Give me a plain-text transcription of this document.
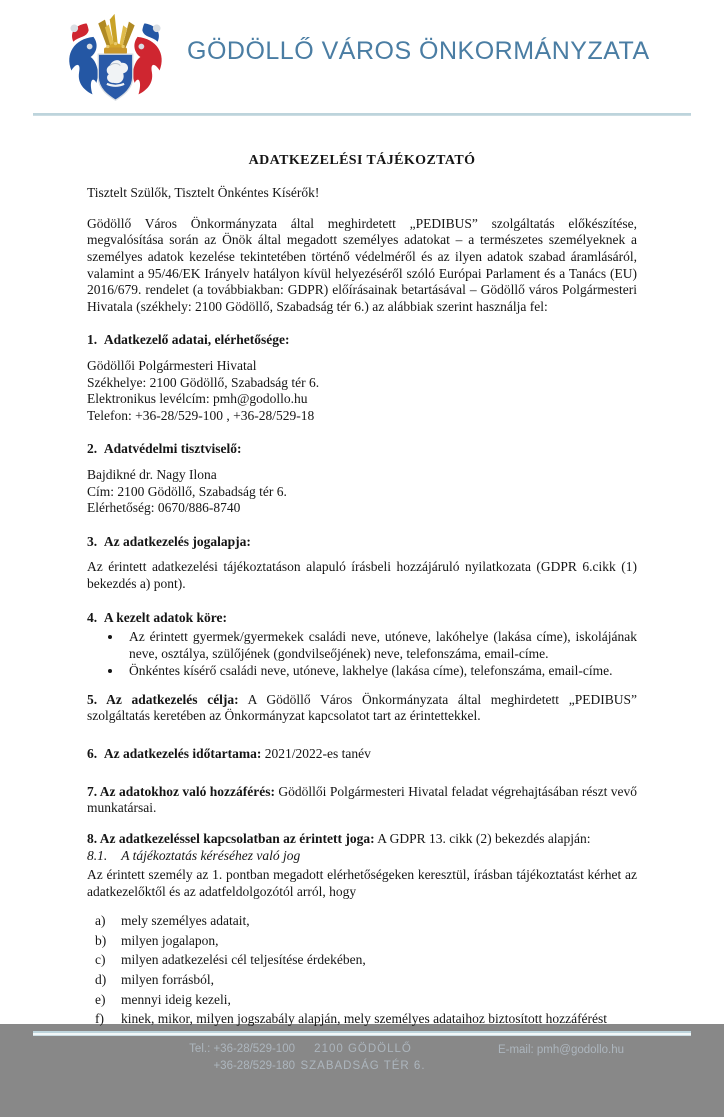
GÖDÖLLŐ VÁROS ÖNKORMÁNYZATA
ADATKEZELÉSI TÁJÉKOZTATÓ

Tisztelt Szülők, Tisztelt Önkéntes Kísérők!

Gödöllő Város Önkormányzata által meghirdetett „PEDIBUS” szolgáltatás előkészítése, megvalósítása során az Önök által megadott személyes adatokat – a természetes személyeknek a személyes adatok kezelése tekintetében történő védelméről és az ilyen adatok szabad áramlásáról, valamint a 95/46/EK Irányelv hatályon kívül helyezéséről szóló Európai Parlament és a Tanács (EU) 2016/679. rendelet (a továbbiakban: GDPR) előírásainak betartásával – Gödöllő város Polgármesteri Hivatala (székhely: 2100 Gödöllő, Szabadság tér 6.) az alábbiak szerint használja fel:

1.  Adatkezelő adatai, elérhetősége:

Gödöllői Polgármesteri Hivatal

Székhelye: 2100 Gödöllő, Szabadság tér 6.

Elektronikus levélcím: pmh@godollo.hu

Telefon: +36-28/529-100 , +36-28/529-18

2.  Adatvédelmi tisztviselő:

Bajdikné dr. Nagy Ilona

Cím: 2100 Gödöllő, Szabadság tér 6.

Elérhetőség: 0670/886-8740

3.  Az adatkezelés jogalapja:

Az érintett adatkezelési tájékoztatáson alapuló írásbeli hozzájáruló nyilatkozata (GDPR 6.cikk (1) bekezdés a) pont).

4.  A kezelt adatok köre:

• Az érintett gyermek/gyermekek családi neve, utóneve, lakóhelye (lakása címe), iskolájának neve, osztálya, szülőjének (gondvilseőjének) neve, telefonszáma, email-címe.
• Önkéntes kísérő családi neve, utóneve, lakhelye (lakása címe), telefonszáma, email-címe.

5. Az adatkezelés célja: A Gödöllő Város Önkormányzata által meghirdetett „PEDIBUS” szolgáltatás keretében az Önkormányzat kapcsolatot tart az érintettekkel.

6.  Az adatkezelés időtartama: 2021/2022-es tanév

7. Az adatokhoz való hozzáférés: Gödöllői Polgármesteri Hivatal feladat végrehajtásában részt vevő munkatársai.

8. Az adatkezeléssel kapcsolatban az érintett joga: A GDPR 13. cikk (2) bekezdés alapján:

8.1. A tájékoztatás kéréséhez való jog

Az érintett személy az 1. pontban megadott elérhetőségeken keresztül, írásban tájékoztatást kérhet az adatkezelőktől és az adatfeldolgozótól arról, hogy

a)	mely személyes adatait,
b)	milyen jogalapon,
c)	milyen adatkezelési cél teljesítése érdekében,
d)	milyen forrásból,
e)	mennyi ideig kezeli,
f)	kinek, mikor, milyen jogszabály alapján, mely személyes adataihoz biztosított hozzáférést
Tel.: +36-28/529-100
+36-28/529-180
2100 GÖDÖLLŐ
SZABADSÁG TÉR 6.
E-mail: pmh@godollo.hu
